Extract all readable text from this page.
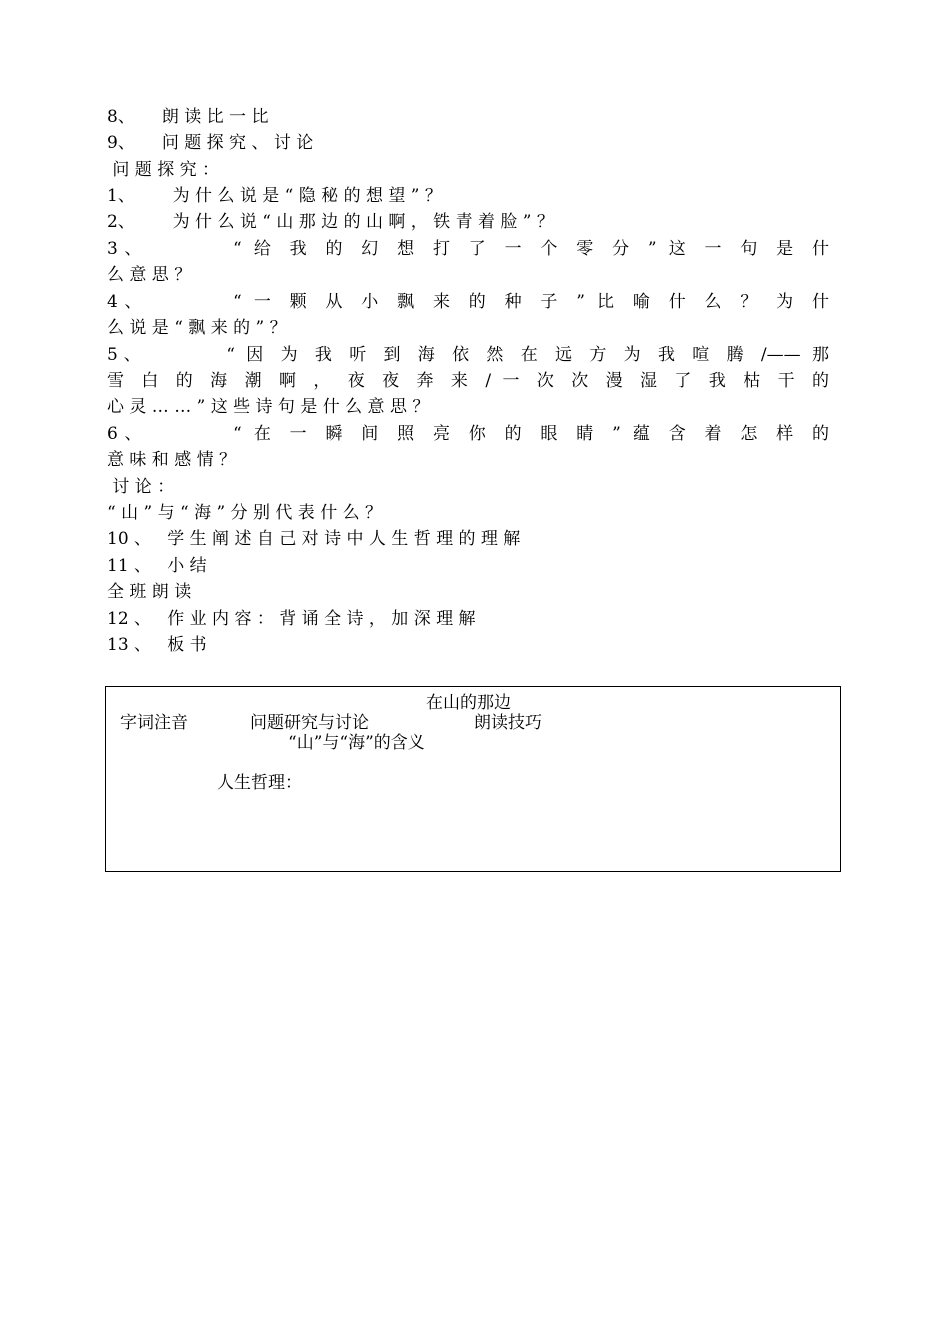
8、     朗 读 比 一 比
9、     问 题 探 究 、 讨 论
问 题 探 究 ：
1、       为 什 么 说 是 “ 隐 秘 的 想 望 ” ？
2、       为 什 么 说 “ 山 那 边 的 山 啊 ， 铁 青 着 脸 ” ？
3、       “ 给 我 的 幻 想 打 了 一 个 零 分 ” 这 一 句 是 什
么 意 思 ？
4、       “ 一 颗 从 小 飘 来 的 种 子 ” 比 喻 什 么 ？ 为 什
么 说 是 “ 飘 来 的 ” ？
5、       “ 因 为 我 听 到 海 依 然 在 远 方 为 我 喧 腾 /—— 那
雪 白 的 海 潮 啊 ， 夜 夜 奔 来 / 一 次 次 漫 湿 了 我 枯 干 的
心 灵 … … ” 这 些 诗 句 是 什 么 意 思 ？
6、       “ 在 一 瞬 间 照 亮 你 的 眼 睛 ” 蕴 含 着 怎 样 的
意 味 和 感 情 ？
讨 论 ：
“ 山 ” 与 “ 海 ” 分 别 代 表 什 么 ？
10 、   学 生 阐 述 自 己 对 诗 中 人 生 哲 理 的 理 解
11 、   小 结
全 班 朗 读
12 、   作 业 内 容 ： 背 诵 全 诗 ， 加 深 理 解
13 、   板 书
在山的那边
字词注音	问题研究与讨论	朗读技巧
“山”与“海”的含义
人生哲理：
